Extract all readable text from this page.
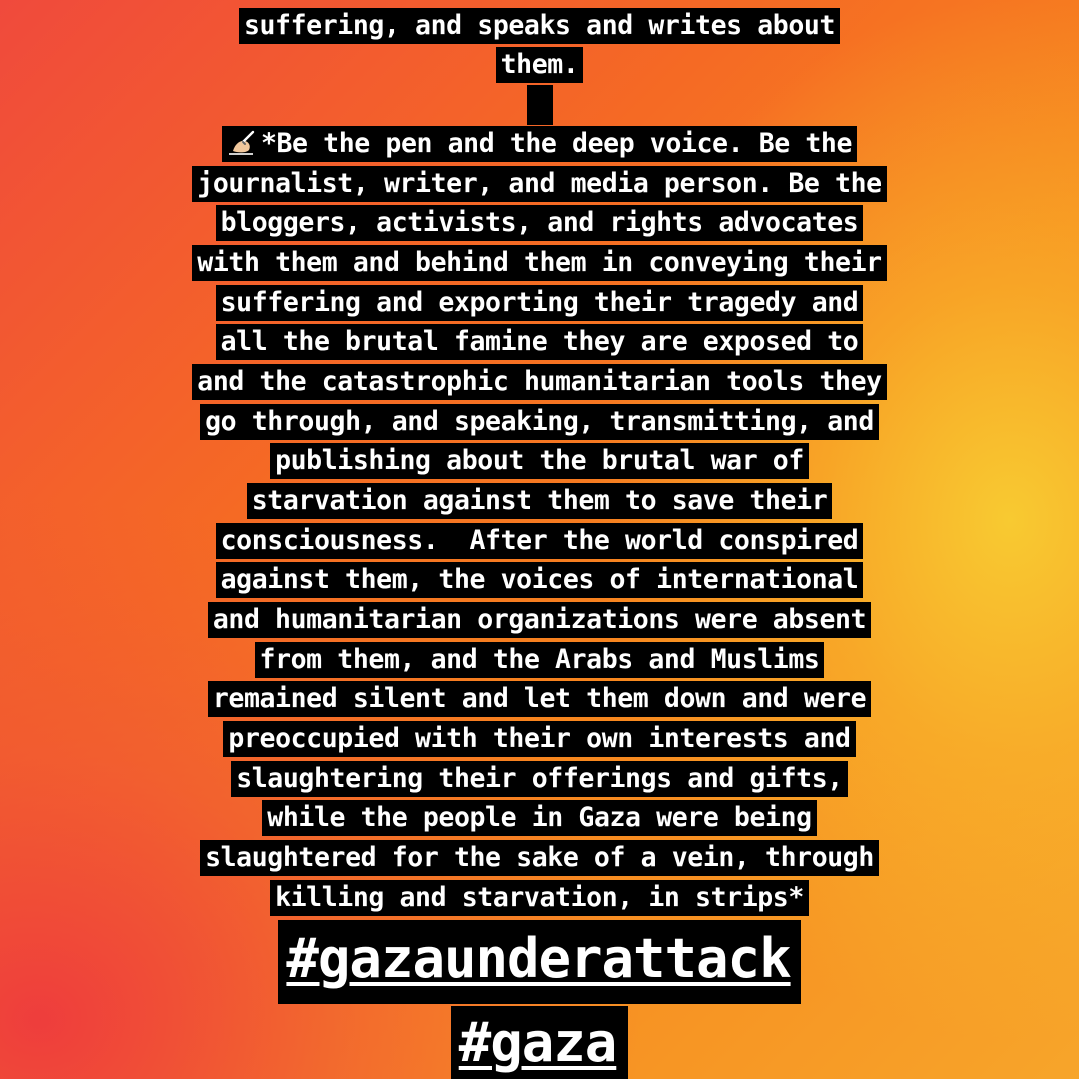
suffering, and speaks and writes about
them.
*Be the pen and the deep voice. Be the
journalist, writer, and media person. Be the
bloggers, activists, and rights advocates
with them and behind them in conveying their
suffering and exporting their tragedy and
all the brutal famine they are exposed to
and the catastrophic humanitarian tools they
go through, and speaking, transmitting, and
publishing about the brutal war of
starvation against them to save their
consciousness.  After the world conspired
against them, the voices of international
and humanitarian organizations were absent
from them, and the Arabs and Muslims
remained silent and let them down and were
preoccupied with their own interests and
slaughtering their offerings and gifts,
while the people in Gaza were being
slaughtered for the sake of a vein, through
killing and starvation, in strips*
#gazaunderattack
#gaza
